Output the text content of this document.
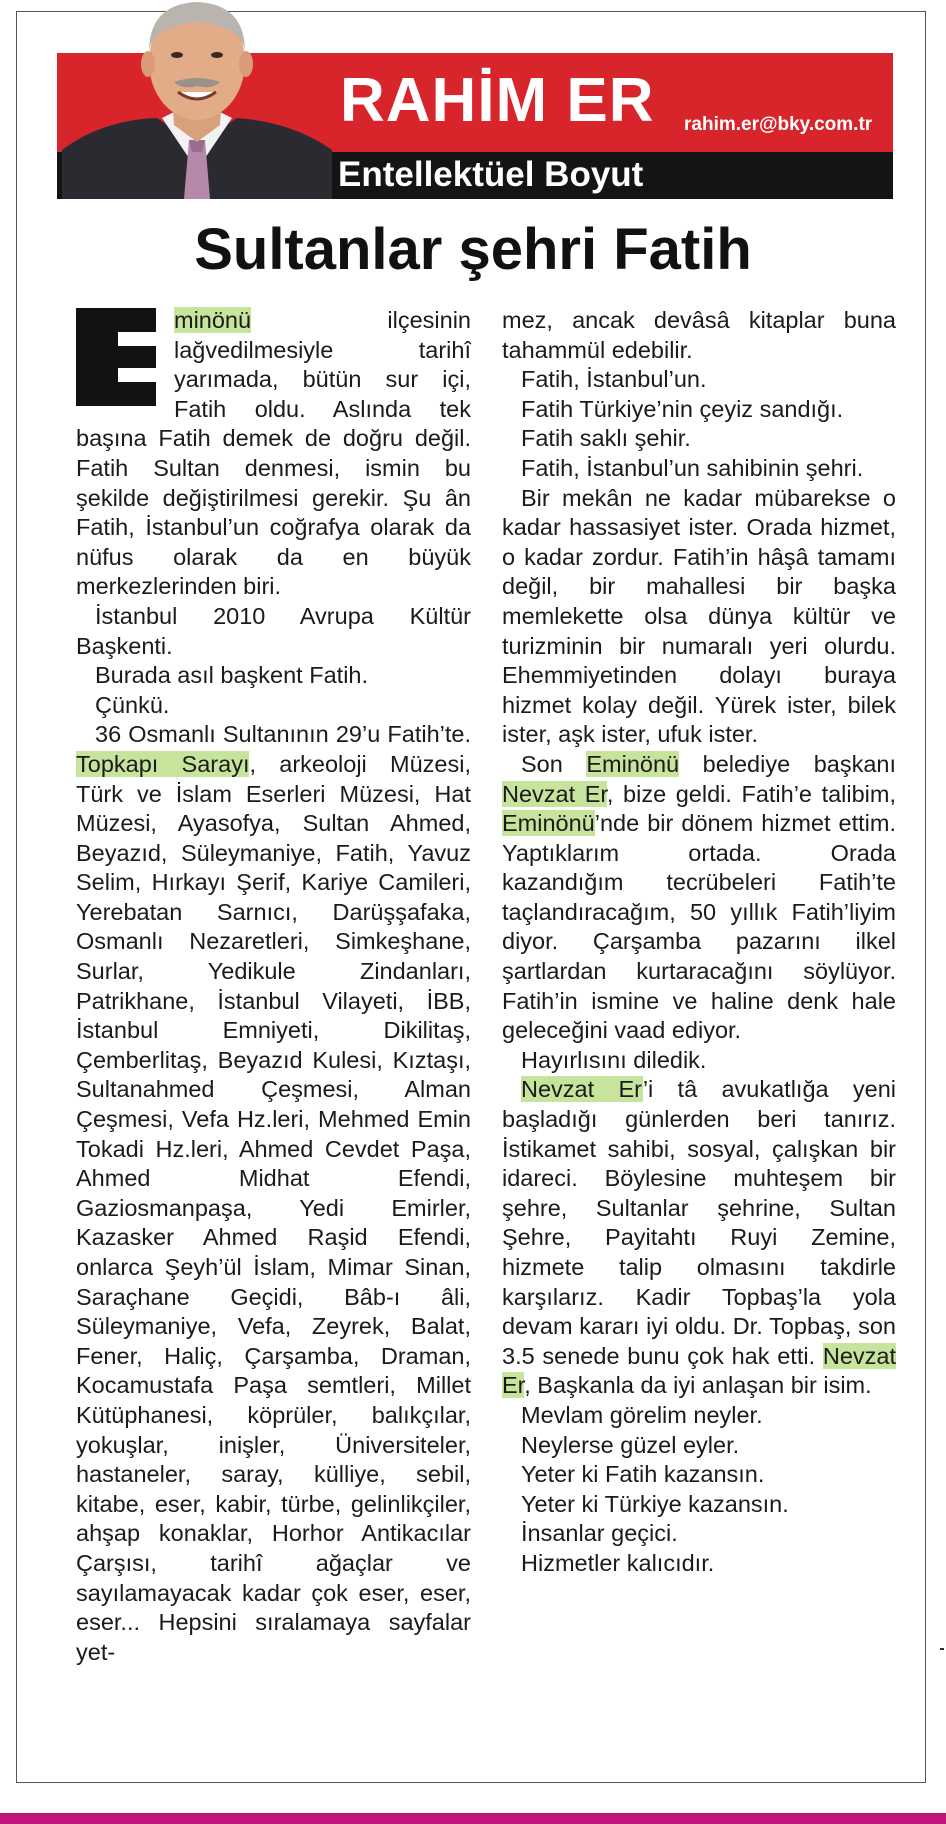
RAHİM ER rahim.er@bky.com.tr
Entellektüel Boyut
Sultanlar şehri Fatih

minönü ilçesinin lağvedilmesiyle tarihî yarımada, bütün sur içi, Fatih oldu. Aslında tek başına Fatih demek de doğru değil. Fatih Sultan denmesi, ismin bu şekilde değiştirilmesi gerekir. Şu ân Fatih, İstanbul’un coğrafya olarak da nüfus olarak da en büyük merkezlerinden biri.

İstanbul 2010 Avrupa Kültür Başkenti.

Burada asıl başkent Fatih.

Çünkü.

36 Osmanlı Sultanının 29’u Fatih’te. Topkapı Sarayı, arkeoloji Müzesi, Türk ve İslam Eserleri Müzesi, Hat Müzesi, Ayasofya, Sultan Ahmed, Beyazıd, Süleymaniye, Fatih, Yavuz Selim, Hırkayı Şerif, Kariye Camileri, Yerebatan Sarnıcı, Darüşşafaka, Osmanlı Nezaretleri, Simkeşhane, Surlar, Yedikule Zindanları, Patrikhane, İstanbul Vilayeti, İBB, İstanbul Emniyeti, Dikilitaş, Çemberlitaş, Beyazıd Kulesi, Kıztaşı, Sultanahmed Çeşmesi, Alman Çeşmesi, Vefa Hz.leri, Mehmed Emin Tokadi Hz.leri, Ahmed Cevdet Paşa, Ahmed Midhat Efendi, Gaziosmanpaşa, Yedi Emirler, Kazasker Ahmed Raşid Efendi, onlarca Şeyh’ül İslam, Mimar Sinan, Saraçhane Geçidi, Bâb-ı âli, Süleymaniye, Vefa, Zeyrek, Balat, Fener, Haliç, Çarşamba, Draman, Kocamustafa Paşa semtleri, Millet Kütüphanesi, köprüler, balıkçılar, yokuşlar, inişler, Üniversiteler, hastaneler, saray, külliye, sebil, kitabe, eser, kabir, türbe, gelinlikçiler, ahşap konaklar, Horhor Antikacılar Çarşısı, tarihî ağaçlar ve sayılamayacak kadar çok eser, eser, eser... Hepsini sıralamaya sayfalar yet-

mez, ancak devâsâ kitaplar buna tahammül edebilir.

Fatih, İstanbul’un.

Fatih Türkiye’nin çeyiz sandığı.

Fatih saklı şehir.

Fatih, İstanbul’un sahibinin şehri.

Bir mekân ne kadar mübarekse o kadar hassasiyet ister. Orada hizmet, o kadar zordur. Fatih’in hâşâ tamamı değil, bir mahallesi bir başka memlekette olsa dünya kültür ve turizminin bir numaralı yeri olurdu. Ehemmiyetinden dolayı buraya hizmet kolay değil. Yürek ister, bilek ister, aşk ister, ufuk ister.

Son Eminönü belediye başkanı Nevzat Er, bize geldi. Fatih’e talibim, Eminönü’nde bir dönem hizmet ettim. Yaptıklarım ortada. Orada kazandığım tecrübeleri Fatih’te taçlandıracağım, 50 yıllık Fatih’liyim diyor. Çarşamba pazarını ilkel şartlardan kurtaracağını söylüyor. Fatih’in ismine ve haline denk hale geleceğini vaad ediyor.

Hayırlısını diledik.

Nevzat Er’i tâ avukatlığa yeni başladığı günlerden beri tanırız. İstikamet sahibi, sosyal, çalışkan bir idareci. Böylesine muhteşem bir şehre, Sultanlar şehrine, Sultan Şehre, Payitahtı Ruyi Zemine, hizmete talip olmasını takdirle karşılarız. Kadir Topbaş’la yola devam kararı iyi oldu. Dr. Topbaş, son 3.5 senede bunu çok hak etti. Nevzat Er, Başkanla da iyi anlaşan bir isim.

Mevlam görelim neyler.

Neylerse güzel eyler.

Yeter ki Fatih kazansın.

Yeter ki Türkiye kazansın.

İnsanlar geçici.

Hizmetler kalıcıdır.
